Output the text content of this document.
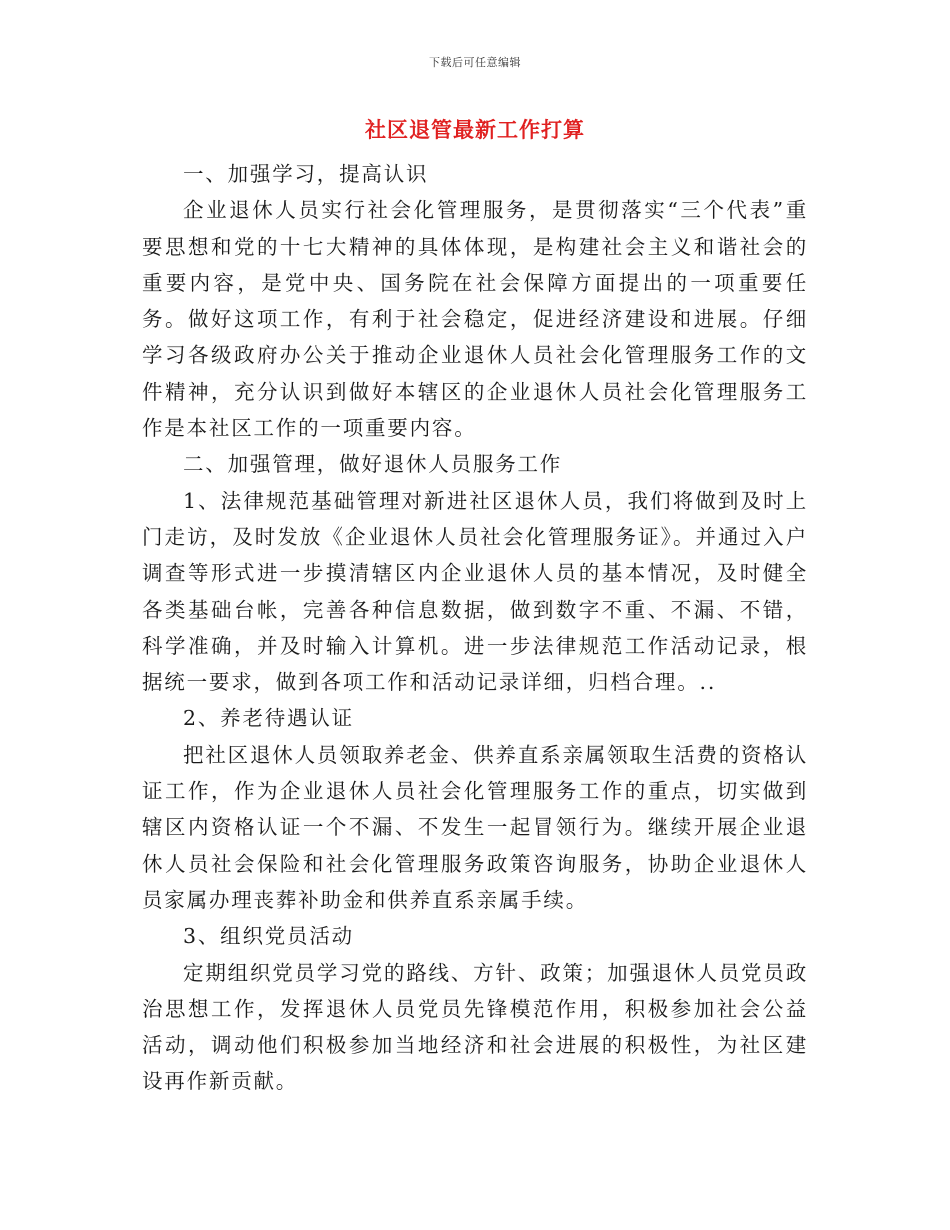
下载后可任意编辑
社区退管最新工作打算

一、加强学习，提高认识

企业退休人员实行社会化管理服务，是贯彻落实“三个代表”重要思想和党的十七大精神的具体体现，是构建社会主义和谐社会的重要内容，是党中央、国务院在社会保障方面提出的一项重要任务。做好这项工作，有利于社会稳定，促进经济建设和进展。仔细学习各级政府办公关于推动企业退休人员社会化管理服务工作的文件精神，充分认识到做好本辖区的企业退休人员社会化管理服务工作是本社区工作的一项重要内容。

二、加强管理，做好退休人员服务工作

1、法律规范基础管理对新进社区退休人员，我们将做到及时上门走访，及时发放《企业退休人员社会化管理服务证》。并通过入户调查等形式进一步摸清辖区内企业退休人员的基本情况，及时健全各类基础台帐，完善各种信息数据，做到数字不重、不漏、不错，科学准确，并及时输入计算机。进一步法律规范工作活动记录，根据统一要求，做到各项工作和活动记录详细，归档合理。..

2、养老待遇认证

把社区退休人员领取养老金、供养直系亲属领取生活费的资格认证工作，作为企业退休人员社会化管理服务工作的重点，切实做到辖区内资格认证一个不漏、不发生一起冒领行为。继续开展企业退休人员社会保险和社会化管理服务政策咨询服务，协助企业退休人员家属办理丧葬补助金和供养直系亲属手续。

3、组织党员活动

定期组织党员学习党的路线、方针、政策；加强退休人员党员政治思想工作，发挥退休人员党员先锋模范作用，积极参加社会公益活动，调动他们积极参加当地经济和社会进展的积极性，为社区建设再作新贡献。
